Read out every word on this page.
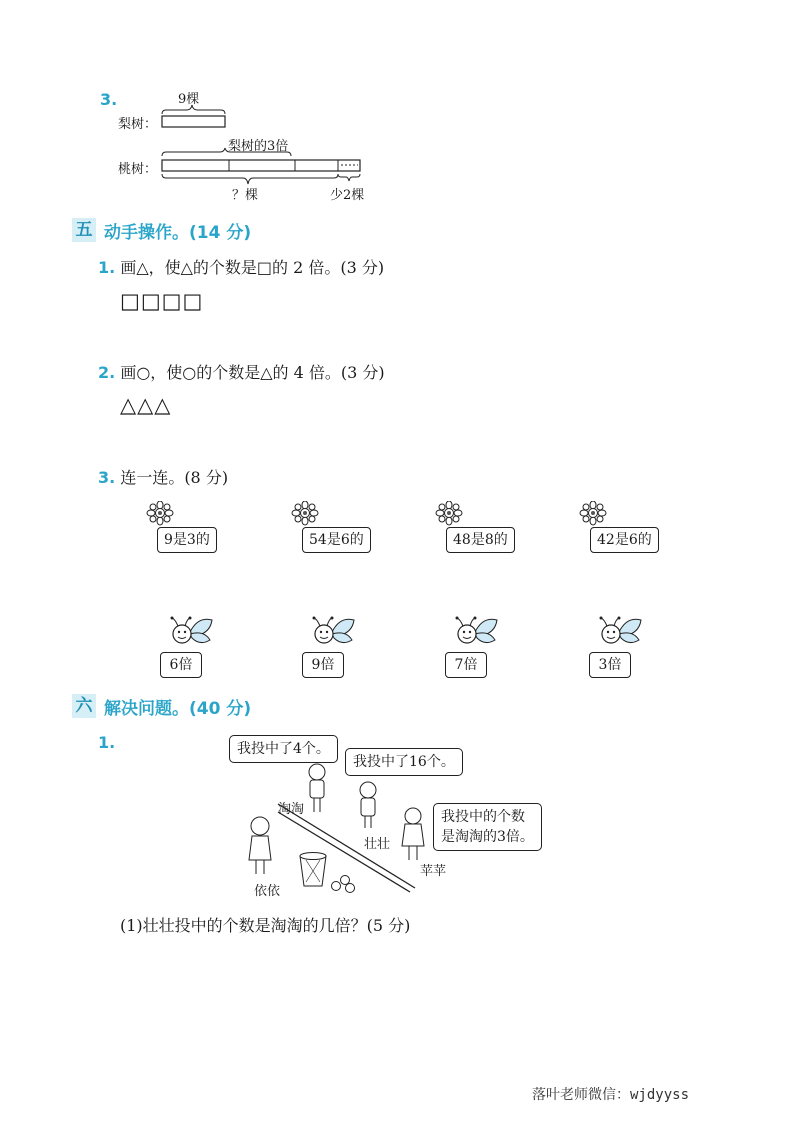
3.	9棵
梨树：
梨树的3倍
桃树：
？棵	少2棵
五 动手操作。(14 分)
1. 画△，使△的个数是□的 2 倍。(3 分)
□□□□
2. 画○，使○的个数是△的 4 倍。(3 分)
△△△
3. 连一连。(8 分)
9是3的	54是6的	48是8的	42是6的
6倍	9倍	7倍	3倍
六 解决问题。(40 分)
1.	我投中了4个。
我投中了16个。
我投中的个数
是淘淘的3倍。
淘淘
壮壮
苹苹
依依
(1)壮壮投中的个数是淘淘的几倍？(5 分)
落叶老师微信：wjdyyss
